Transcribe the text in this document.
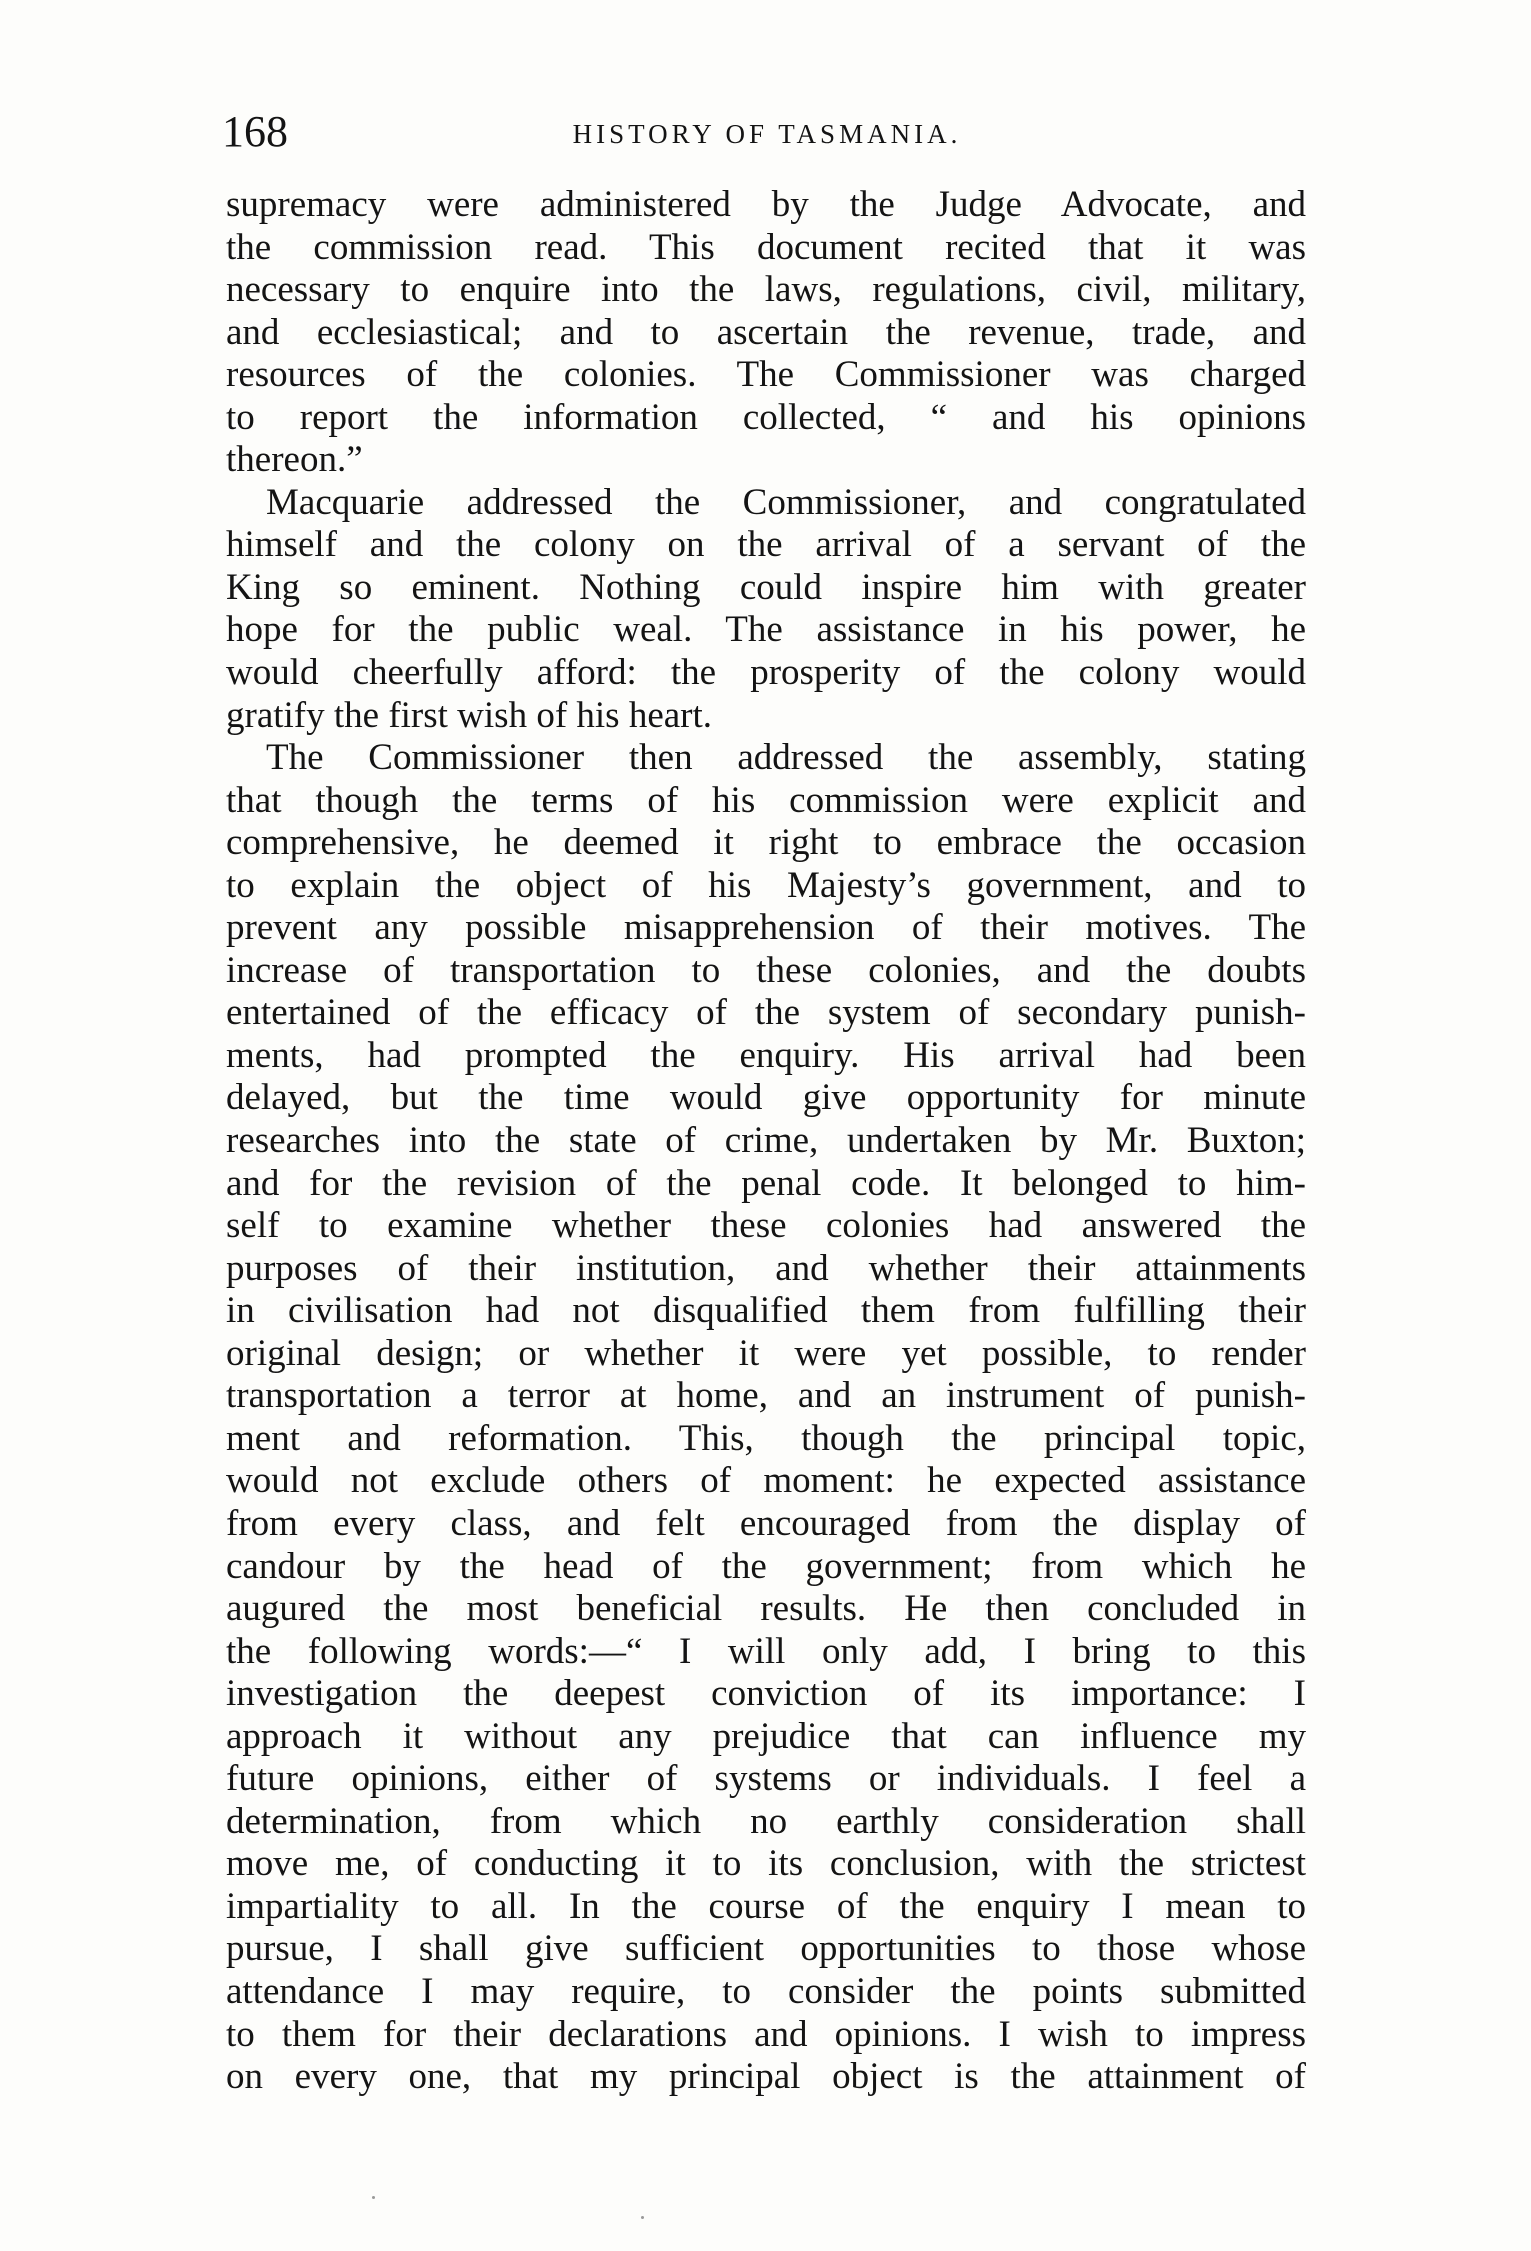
168	HISTORY OF TASMANIA.
supremacy were administered by the Judge Advocate, and
the commission read. This document recited that it was
necessary to enquire into the laws, regulations, civil, military,
and ecclesiastical; and to ascertain the revenue, trade, and
resources of the colonies. The Commissioner was charged
to report the information collected, “ and his opinions
thereon.”
Macquarie addressed the Commissioner, and congratulated
himself and the colony on the arrival of a servant of the
King so eminent. Nothing could inspire him with greater
hope for the public weal. The assistance in his power, he
would cheerfully afford: the prosperity of the colony would
gratify the first wish of his heart.
The Commissioner then addressed the assembly, stating
that though the terms of his commission were explicit and
comprehensive, he deemed it right to embrace the occasion
to explain the object of his Majesty’s government, and to
prevent any possible misapprehension of their motives. The
increase of transportation to these colonies, and the doubts
entertained of the efficacy of the system of secondary punish-
ments, had prompted the enquiry. His arrival had been
delayed, but the time would give opportunity for minute
researches into the state of crime, undertaken by Mr. Buxton;
and for the revision of the penal code. It belonged to him-
self to examine whether these colonies had answered the
purposes of their institution, and whether their attainments
in civilisation had not disqualified them from fulfilling their
original design; or whether it were yet possible, to render
transportation a terror at home, and an instrument of punish-
ment and reformation. This, though the principal topic,
would not exclude others of moment: he expected assistance
from every class, and felt encouraged from the display of
candour by the head of the government; from which he
augured the most beneficial results. He then concluded in
the following words:—“ I will only add, I bring to this
investigation the deepest conviction of its importance: I
approach it without any prejudice that can influence my
future opinions, either of systems or individuals. I feel a
determination, from which no earthly consideration shall
move me, of conducting it to its conclusion, with the strictest
impartiality to all. In the course of the enquiry I mean to
pursue, I shall give sufficient opportunities to those whose
attendance I may require, to consider the points submitted
to them for their declarations and opinions. I wish to impress
on every one, that my principal object is the attainment of
